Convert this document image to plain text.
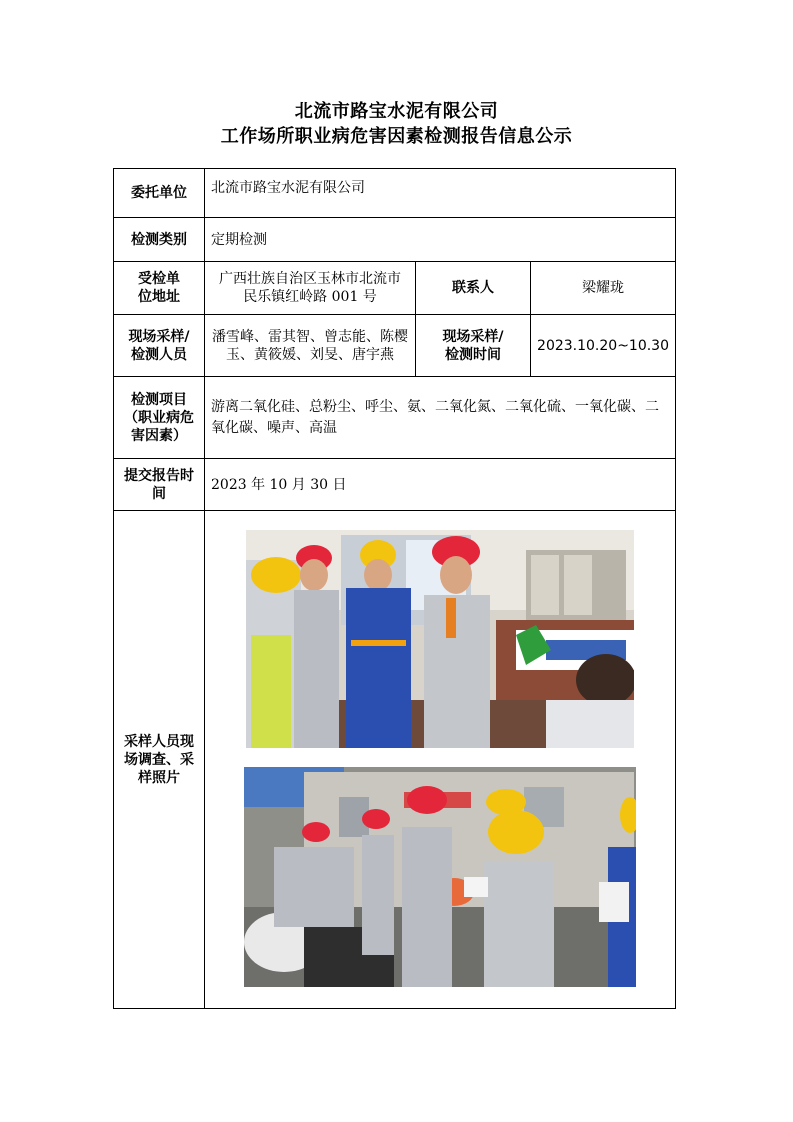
北流市路宝水泥有限公司
工作场所职业病危害因素检测报告信息公示
委托单位	北流市路宝水泥有限公司		
检测类别	定期检测		

受检单位地址	广西壮族自治区玉林市北流市民乐镇红岭路 001 号	联系人	梁耀珑

现场采样/检测人员	潘雪峰、雷其智、曾志能、陈樱玉、黄筱媛、刘旻、唐宇燕	现场采样/检测时间	2023.10.20~10.30

检测项目（职业病危害因素）	游离二氧化硅、总粉尘、呼尘、氨、二氧化氮、二氧化硫、一氧化碳、二氧化碳、噪声、高温		

提交报告时间	2023 年 10 月 30 日		

采样人员现场调查、采样照片
